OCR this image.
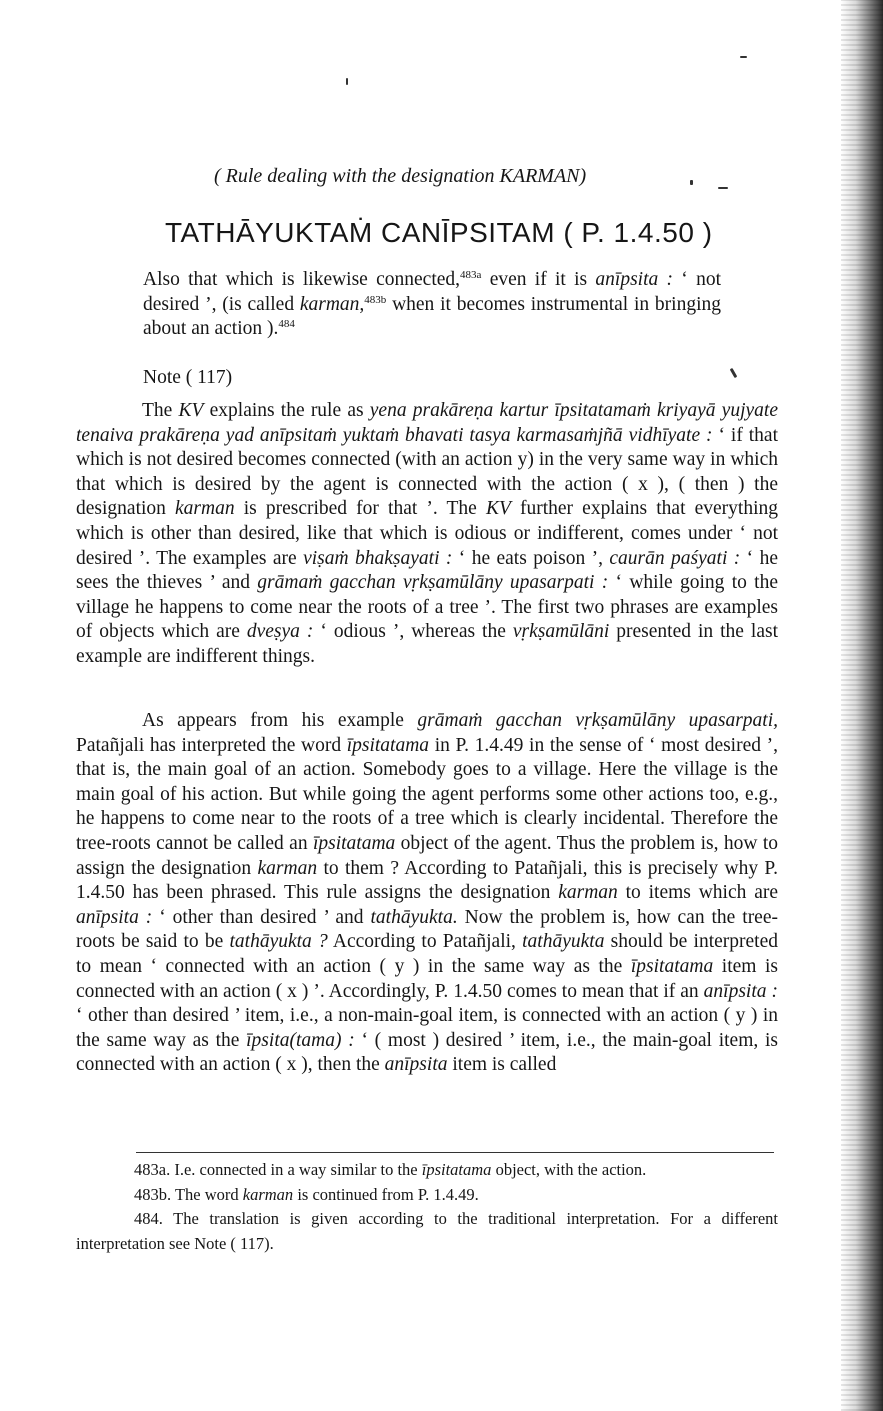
( Rule dealing with the designation KARMAN)
TATHĀYUKTAṀ CANĪPSITAM ( P. 1.4.50 )

Also that which is likewise connected,$^{483a}$ even if it is anīpsita : ‘ not desired ’, (is called karman,$^{483b}$ when it becomes instrumental in bringing about an action ).$^{484}$

Note ( 117)

The KV explains the rule as yena prakāreṇa kartur īpsitatamaṁ kriyayā yujyate tenaiva prakāreṇa yad anīpsitaṁ yuktaṁ bhavati tasya karmasaṁjñā vidhīyate : ‘ if that which is not desired becomes connected (with an action y) in the very same way in which that which is desired by the agent is connected with the action ( x ), ( then ) the designation karman is prescribed for that ’. The KV further explains that everything which is other than desired, like that which is odious or indifferent, comes under ‘ not desired ’. The examples are viṣaṁ bhakṣayati : ‘ he eats poison ’, caurān paśyati : ‘ he sees the thieves ’ and grāmaṁ gacchan vṛkṣamūlāny upasarpati : ‘ while going to the village he happens to come near the roots of a tree ’. The first two phrases are examples of objects which are dveṣya : ‘ odious ’, whereas the vṛkṣamūlāni presented in the last example are indifferent things.

As appears from his example grāmaṁ gacchan vṛkṣamūlāny upasarpati, Patañjali has interpreted the word īpsitatama in P. 1.4.49 in the sense of ‘ most desired ’, that is, the main goal of an action. Somebody goes to a village. Here the village is the main goal of his action. But while going the agent performs some other actions too, e.g., he happens to come near to the roots of a tree which is clearly incidental. Therefore the tree-roots cannot be called an īpsitatama object of the agent. Thus the problem is, how to assign the designation karman to them ? According to Patañjali, this is precisely why P. 1.4.50 has been phrased. This rule assigns the designation karman to items which are anīpsita : ‘ other than desired ’ and tathāyukta. Now the problem is, how can the tree-roots be said to be tathāyukta ? According to Patañjali, tathāyukta should be interpreted to mean ‘ connected with an action ( y ) in the same way as the īpsitatama item is connected with an action ( x ) ’. Accordingly, P. 1.4.50 comes to mean that if an anīpsita : ‘ other than desired ’ item, i.e., a non-main-goal item, is connected with an action ( y ) in the same way as the īpsita(tama) : ‘ ( most ) desired ’ item, i.e., the main-goal item, is connected with an action ( x ), then the anīpsita item is called

483a. I.e. connected in a way similar to the īpsitatama object, with the action.

483b. The word karman is continued from P. 1.4.49.

484. The translation is given according to the traditional interpretation. For a different interpretation see Note ( 117).
